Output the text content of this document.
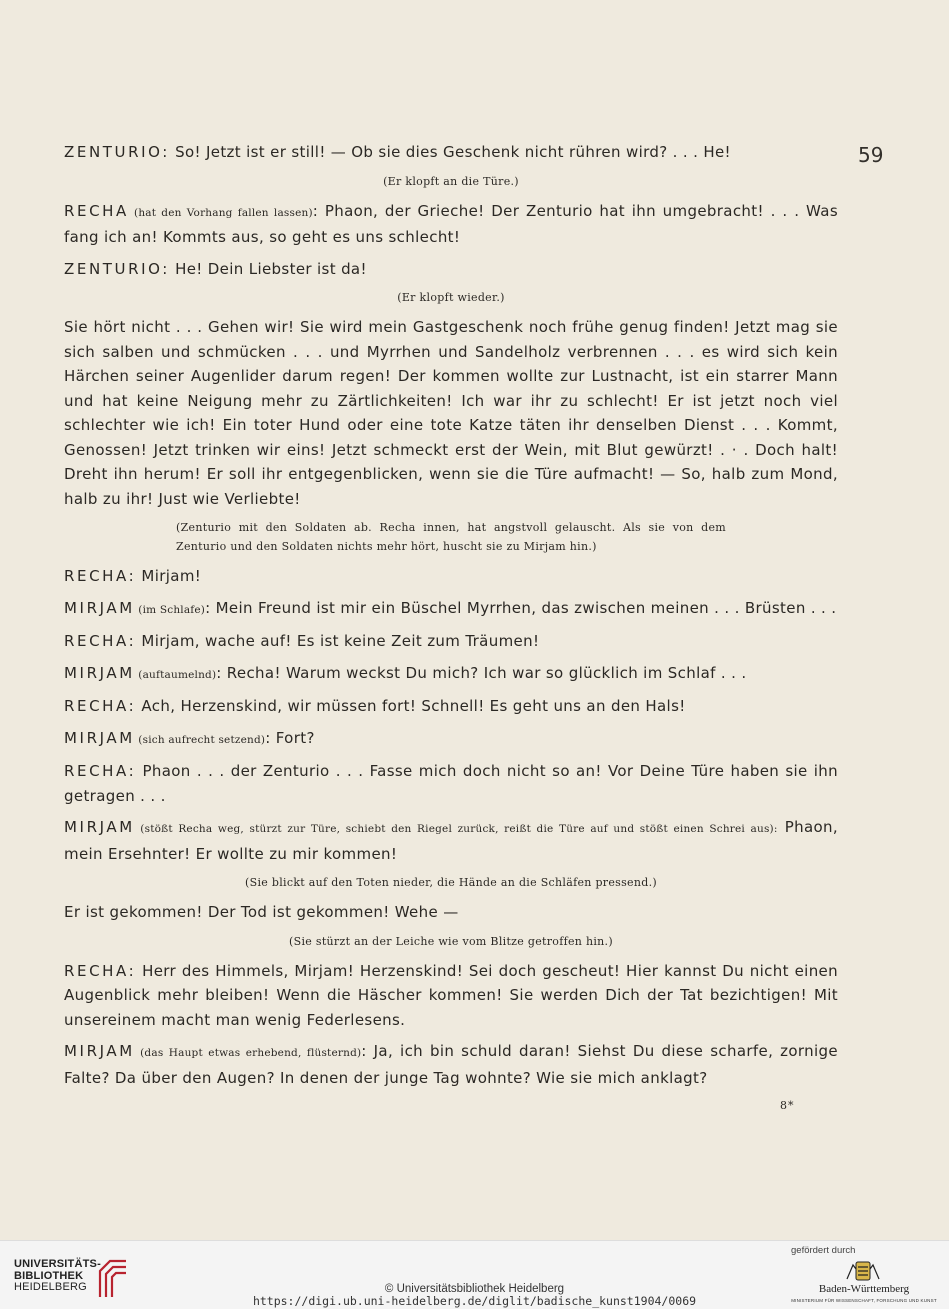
59

ZENTURIO: So! Jetzt ist er still! — Ob sie dies Geschenk nicht rühren wird? . . . He!

(Er klopft an die Türe.)

RECHA (hat den Vorhang fallen lassen): Phaon, der Grieche! Der Zenturio hat ihn umgebracht! . . . Was fang ich an! Kommts aus, so geht es uns schlecht!

ZENTURIO: He! Dein Liebster ist da!

(Er klopft wieder.)

Sie hört nicht . . . Gehen wir! Sie wird mein Gastgeschenk noch frühe genug finden! Jetzt mag sie sich salben und schmücken . . . und Myrrhen und Sandelholz verbrennen . . . es wird sich kein Härchen seiner Augenlider darum regen! Der kommen wollte zur Lustnacht, ist ein starrer Mann und hat keine Neigung mehr zu Zärtlichkeiten! Ich war ihr zu schlecht! Er ist jetzt noch viel schlechter wie ich! Ein toter Hund oder eine tote Katze täten ihr denselben Dienst . . . Kommt, Genossen! Jetzt trinken wir eins! Jetzt schmeckt erst der Wein, mit Blut gewürzt! . · . Doch halt! Dreht ihn herum! Er soll ihr entgegenblicken, wenn sie die Türe aufmacht! — So, halb zum Mond, halb zu ihr! Just wie Verliebte!

(Zenturio mit den Soldaten ab. Recha innen, hat angstvoll gelauscht. Als sie von dem Zenturio und den Soldaten nichts mehr hört, huscht sie zu Mirjam hin.)

RECHA: Mirjam!

MIRJAM (im Schlafe): Mein Freund ist mir ein Büschel Myrrhen, das zwischen meinen . . . Brüsten . . .

RECHA: Mirjam, wache auf! Es ist keine Zeit zum Träumen!

MIRJAM (auftaumelnd): Recha! Warum weckst Du mich? Ich war so glücklich im Schlaf . . .

RECHA: Ach, Herzenskind, wir müssen fort! Schnell! Es geht uns an den Hals!

MIRJAM (sich aufrecht setzend): Fort?

RECHA: Phaon . . . der Zenturio . . . Fasse mich doch nicht so an! Vor Deine Türe haben sie ihn getragen . . .

MIRJAM (stößt Recha weg, stürzt zur Türe, schiebt den Riegel zurück, reißt die Türe auf und stößt einen Schrei aus): Phaon, mein Ersehnter! Er wollte zu mir kommen!

(Sie blickt auf den Toten nieder, die Hände an die Schläfen pressend.)

Er ist gekommen! Der Tod ist gekommen! Wehe —

(Sie stürzt an der Leiche wie vom Blitze getroffen hin.)

RECHA: Herr des Himmels, Mirjam! Herzenskind! Sei doch gescheut! Hier kannst Du nicht einen Augenblick mehr bleiben! Wenn die Häscher kommen! Sie werden Dich der Tat bezichtigen! Mit unsereinem macht man wenig Federlesens.

MIRJAM (das Haupt etwas erhebend, flüsternd): Ja, ich bin schuld daran! Siehst Du diese scharfe, zornige Falte? Da über den Augen? In denen der junge Tag wohnte? Wie sie mich anklagt?

8*
UNIVERSITÄTS-
BIBLIOTHEK
HEIDELBERG	© Universitätsbibliothek Heidelberg
https://digi.ub.uni-heidelberg.de/diglit/badische_kunst1904/0069
gefördert durch
Baden-Württemberg
MINISTERIUM FÜR WISSENSCHAFT, FORSCHUNG UND KUNST
